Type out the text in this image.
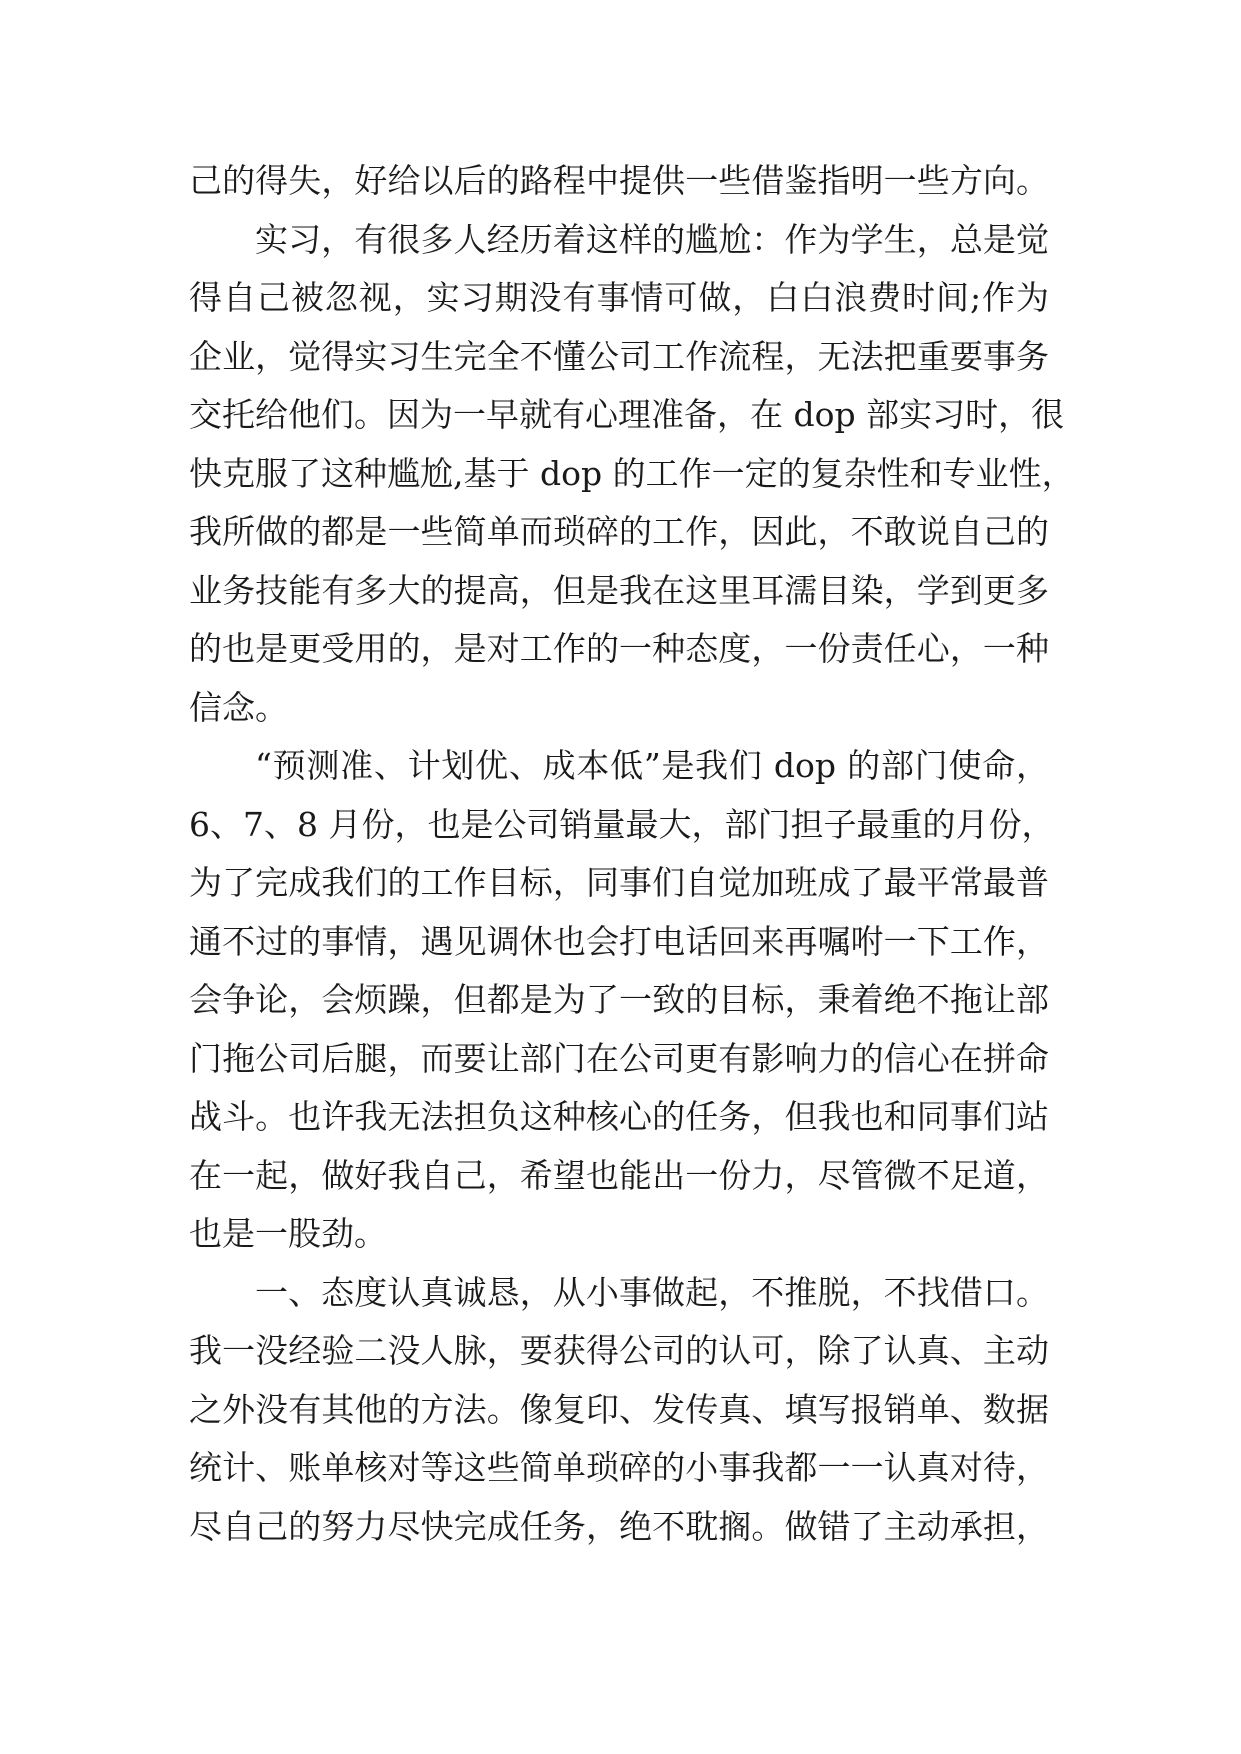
己的得失，好给以后的路程中提供一些借鉴指明一些方向。
实习，有很多人经历着这样的尴尬：作为学生，总是觉
得自己被忽视，实习期没有事情可做，白白浪费时间;作为
企业，觉得实习生完全不懂公司工作流程，无法把重要事务
交托给他们。因为一早就有心理准备，在 dop 部实习时，很
快克服了这种尴尬,基于 dop 的工作一定的复杂性和专业性，
我所做的都是一些简单而琐碎的工作，因此，不敢说自己的
业务技能有多大的提高，但是我在这里耳濡目染，学到更多
的也是更受用的，是对工作的一种态度，一份责任心，一种
信念。
“预测准、计划优、成本低”是我们 dop 的部门使命，
6、7、8 月份，也是公司销量最大，部门担子最重的月份，
为了完成我们的工作目标，同事们自觉加班成了最平常最普
通不过的事情，遇见调休也会打电话回来再嘱咐一下工作，
会争论，会烦躁，但都是为了一致的目标，秉着绝不拖让部
门拖公司后腿，而要让部门在公司更有影响力的信心在拼命
战斗。也许我无法担负这种核心的任务，但我也和同事们站
在一起，做好我自己，希望也能出一份力，尽管微不足道，
也是一股劲。
一、态度认真诚恳，从小事做起，不推脱，不找借口。
我一没经验二没人脉，要获得公司的认可，除了认真、主动
之外没有其他的方法。像复印、发传真、填写报销单、数据
统计、账单核对等这些简单琐碎的小事我都一一认真对待，
尽自己的努力尽快完成任务，绝不耽搁。做错了主动承担，
